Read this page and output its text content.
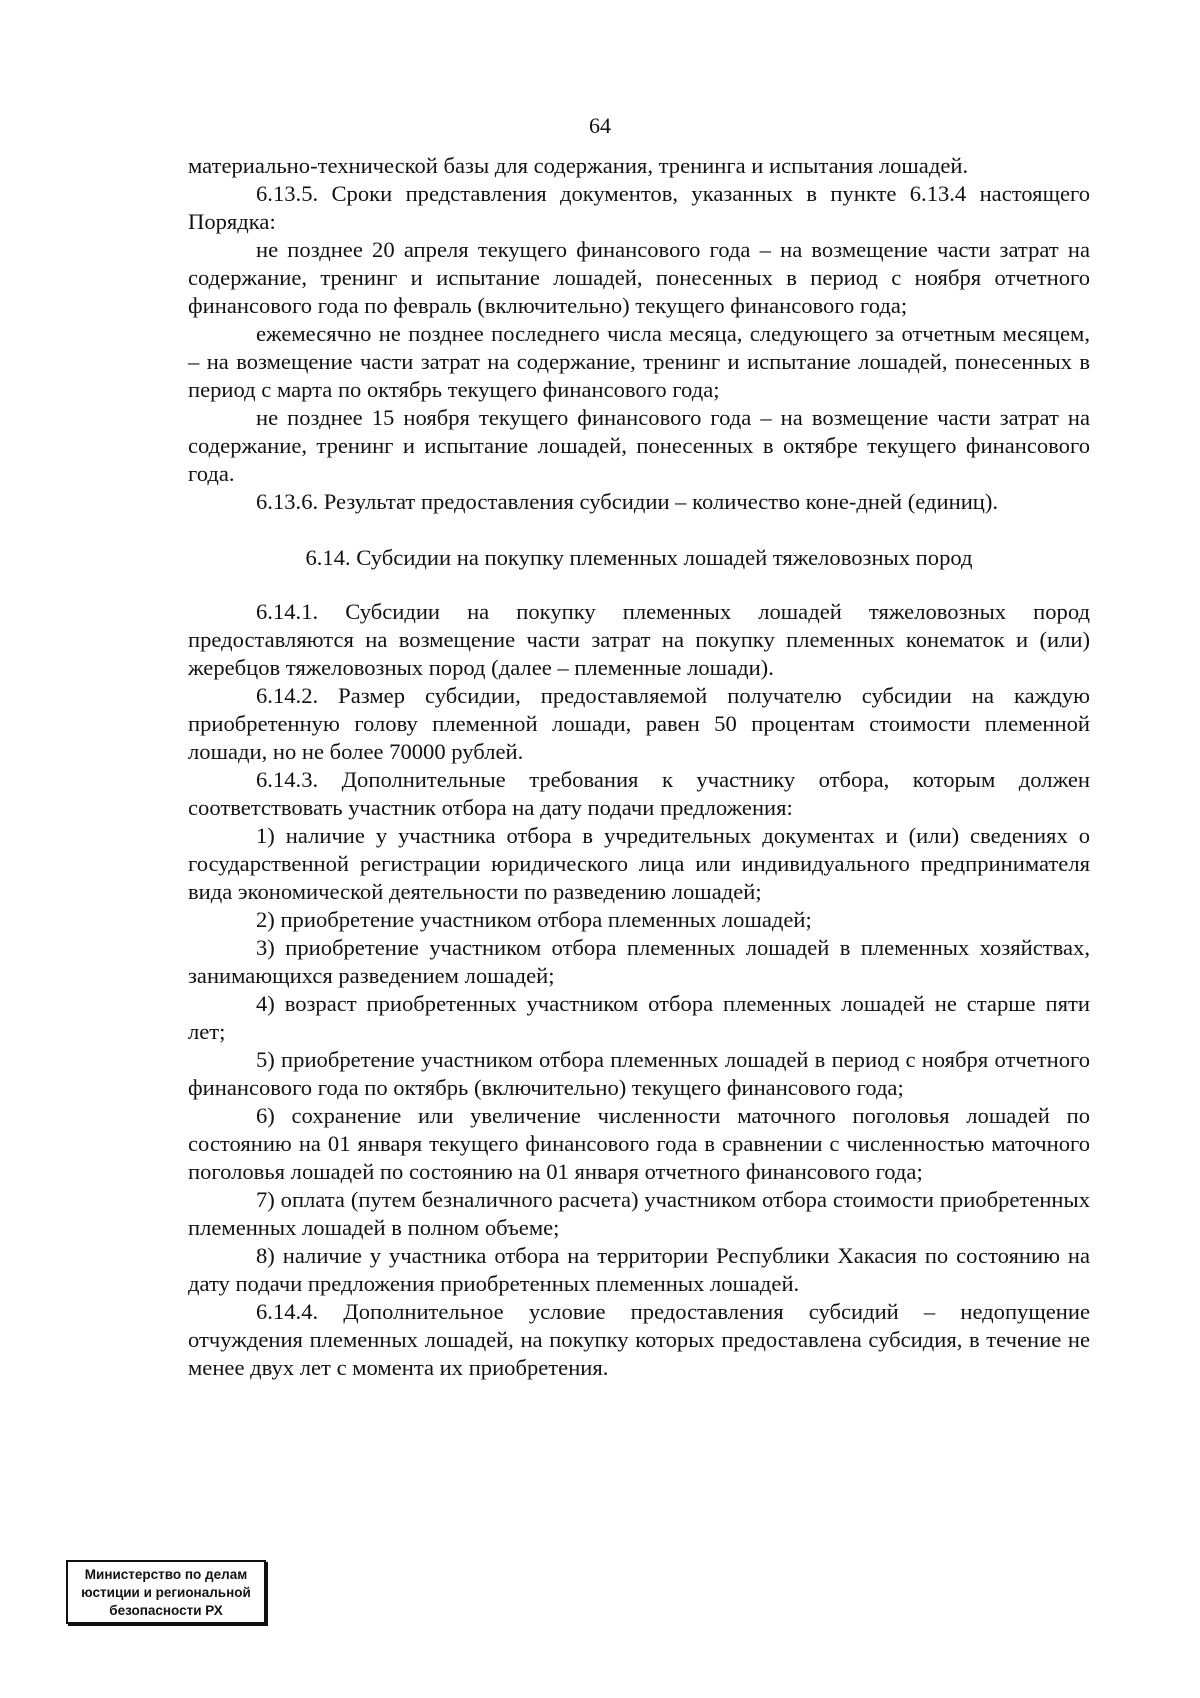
64

материально-технической базы для содержания, тренинга и испытания лошадей.

6.13.5. Сроки представления документов, указанных в пункте 6.13.4 настоящего Порядка:

не позднее 20 апреля текущего финансового года – на возмещение части затрат на содержание, тренинг и испытание лошадей, понесенных в период с ноября отчетного финансового года по февраль (включительно) текущего финансового года;

ежемесячно не позднее последнего числа месяца, следующего за отчетным месяцем, – на возмещение части затрат на содержание, тренинг и испытание лошадей, понесенных в период с марта по октябрь текущего финансового года;

не позднее 15 ноября текущего финансового года – на возмещение части затрат на содержание, тренинг и испытание лошадей, понесенных в октябре текущего финансового года.

6.13.6. Результат предоставления субсидии – количество коне-дней (единиц).

6.14. Субсидии на покупку племенных лошадей тяжеловозных пород

6.14.1. Субсидии на покупку племенных лошадей тяжеловозных пород предоставляются на возмещение части затрат на покупку племенных конематок и (или) жеребцов тяжеловозных пород (далее – племенные лошади).

6.14.2. Размер субсидии, предоставляемой получателю субсидии на каждую приобретенную голову племенной лошади, равен 50 процентам стоимости племенной лошади, но не более 70000 рублей.

6.14.3. Дополнительные требования к участнику отбора, которым должен соответствовать участник отбора на дату подачи предложения:

1) наличие у участника отбора в учредительных документах и (или) сведениях о государственной регистрации юридического лица или индивидуального предпринимателя вида экономической деятельности по разведению лошадей;

2) приобретение участником отбора племенных лошадей;

3) приобретение участником отбора племенных лошадей в племенных хозяйствах, занимающихся разведением лошадей;

4) возраст приобретенных участником отбора племенных лошадей не старше пяти лет;

5) приобретение участником отбора племенных лошадей в период с ноября отчетного финансового года по октябрь (включительно) текущего финансового года;

6) сохранение или увеличение численности маточного поголовья лошадей по состоянию на 01 января текущего финансового года в сравнении с численностью маточного поголовья лошадей по состоянию на 01 января отчетного финансового года;

7) оплата (путем безналичного расчета) участником отбора стоимости приобретенных племенных лошадей в полном объеме;

8) наличие у участника отбора на территории Республики Хакасия по состоянию на дату подачи предложения приобретенных племенных лошадей.

6.14.4. Дополнительное условие предоставления субсидий – недопущение отчуждения племенных лошадей, на покупку которых предоставлена субсидия, в течение не менее двух лет с момента их приобретения.

Министерство по делам
юстиции и региональной
безопасности РХ
